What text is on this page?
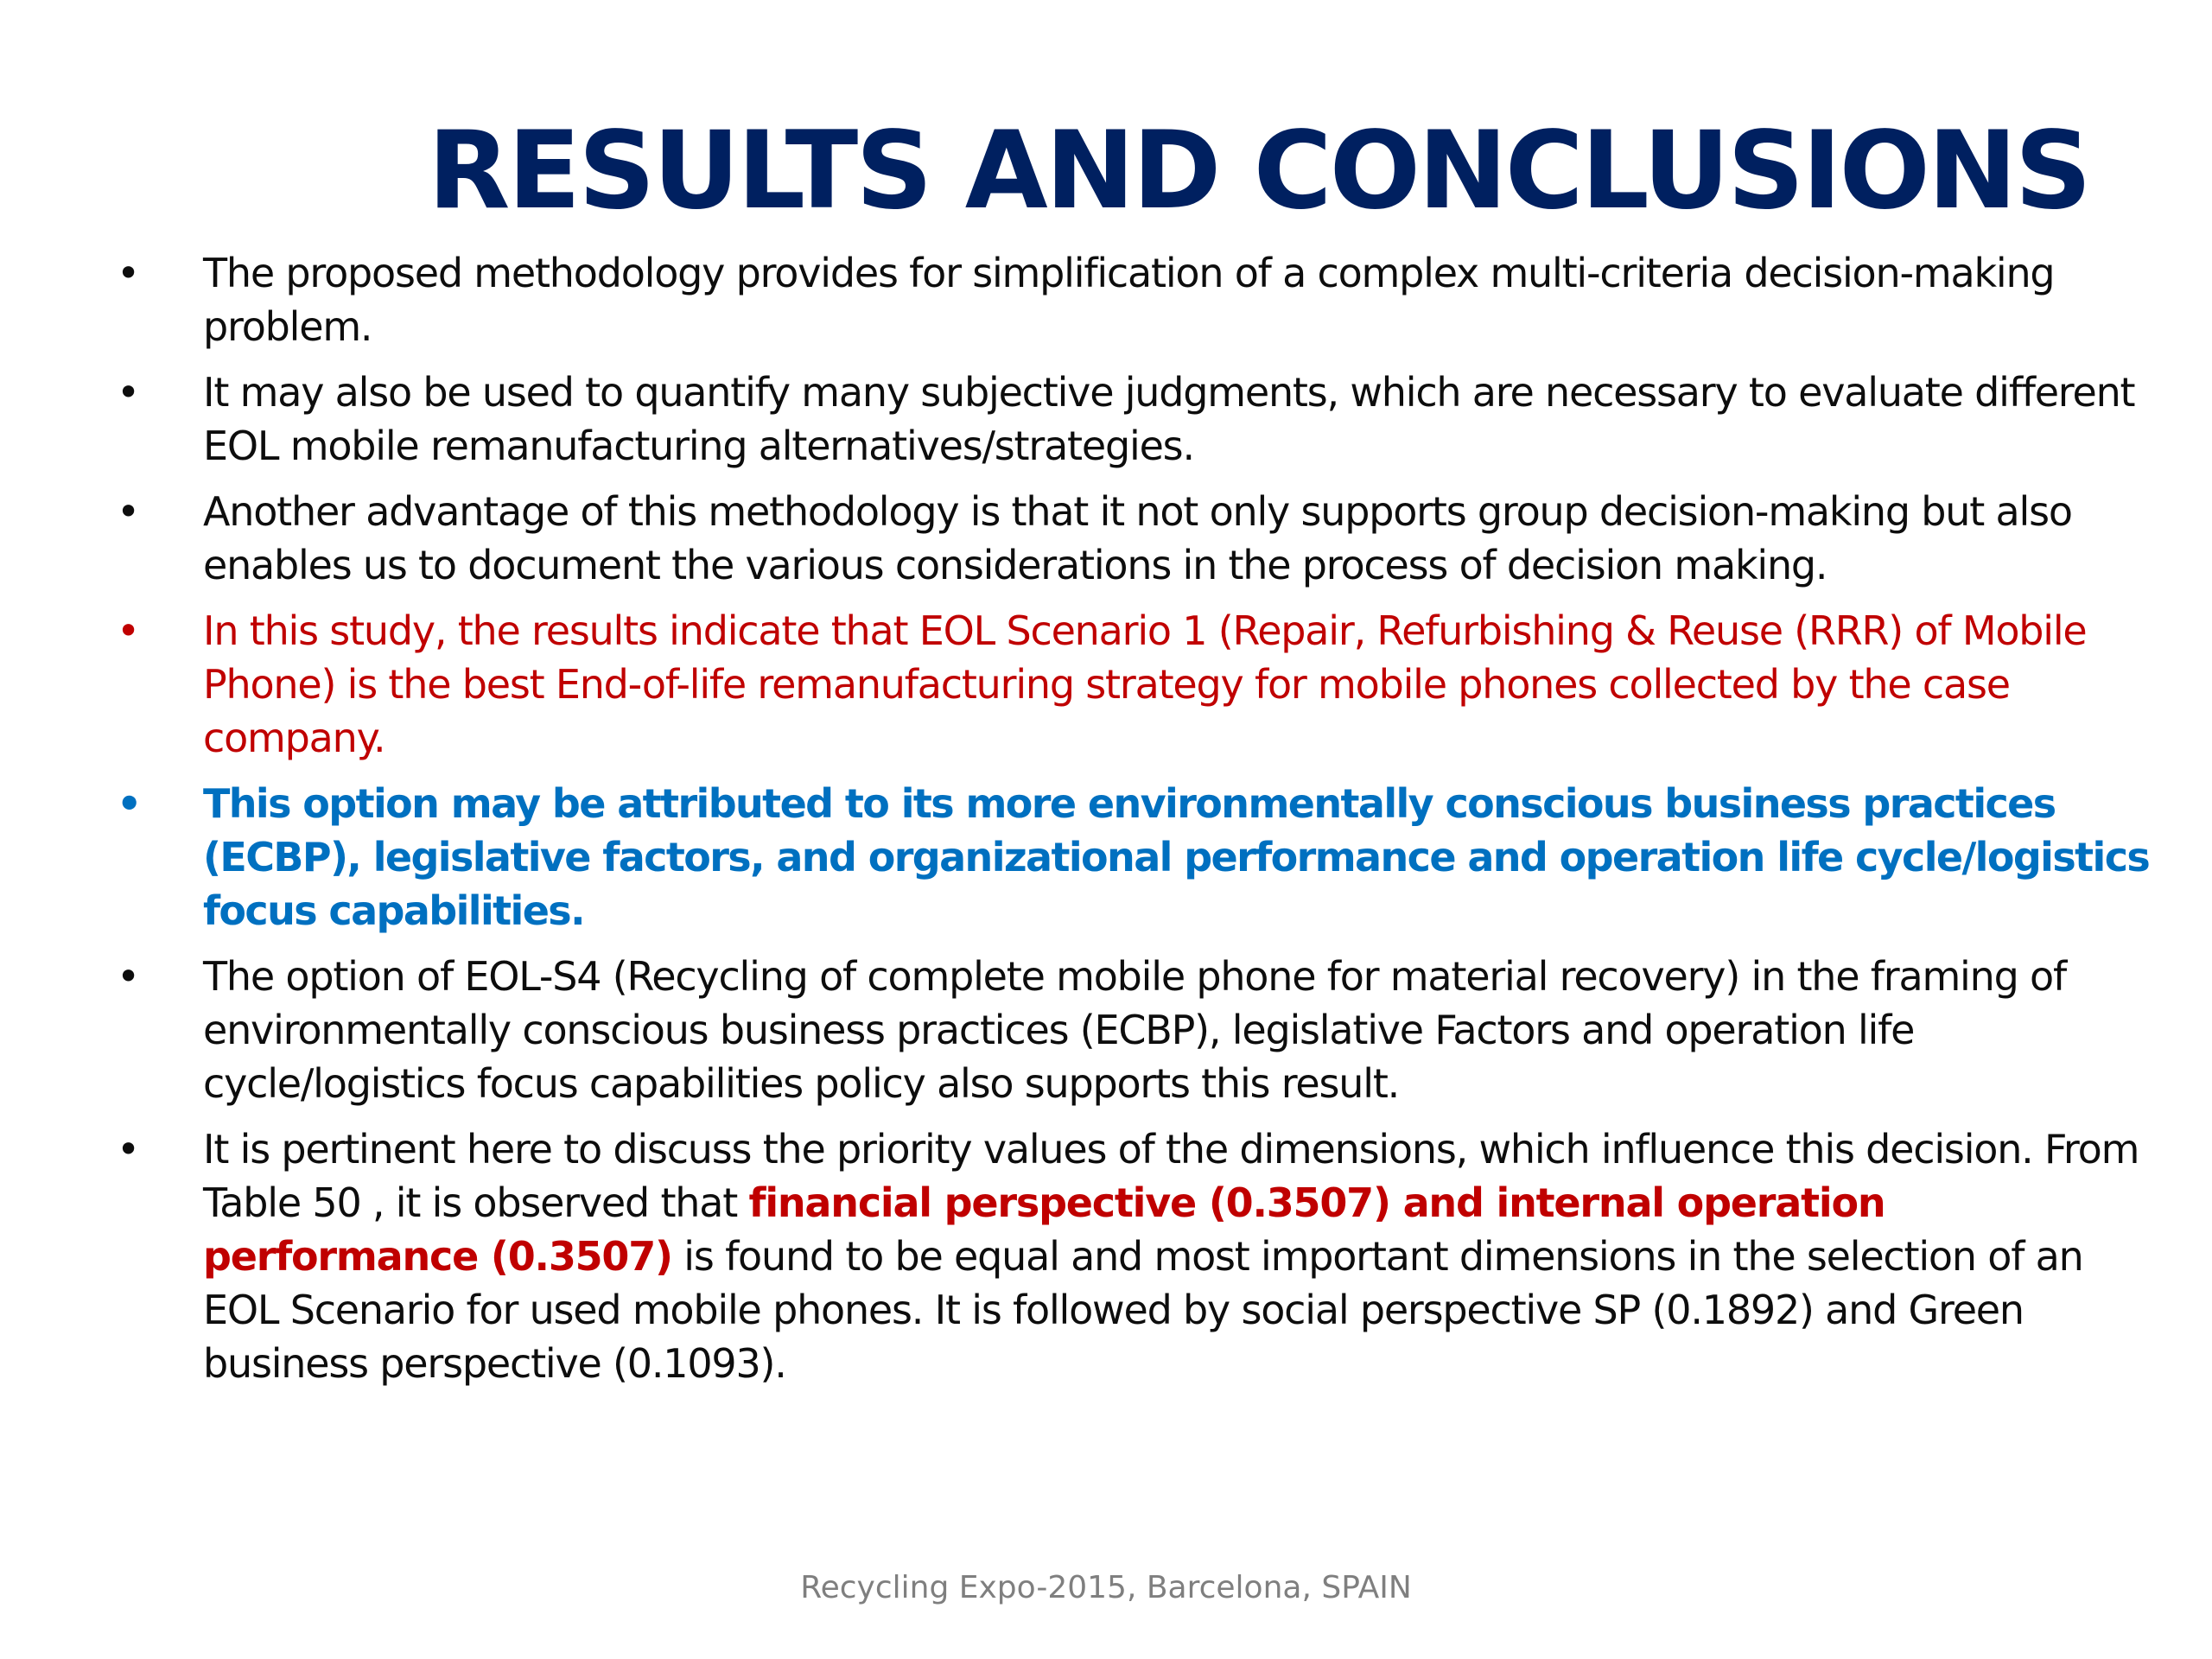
RESULTS AND CONCLUSIONS
•	The proposed methodology provides for simplification of a complex multi-criteria decision-making problem.
•	It may also be used to quantify many subjective judgments, which are necessary to evaluate different EOL mobile remanufacturing alternatives/strategies.
•	Another advantage of this methodology is that it not only supports group decision-making but also enables us to document the various considerations in the process of decision making.
•	In this study, the results indicate that EOL Scenario 1 (Repair, Refurbishing & Reuse (RRR) of Mobile Phone) is the best End-of-life remanufacturing strategy for mobile phones collected by the case company.
• This option may be attributed to its more environmentally conscious business practices (ECBP), legislative factors, and organizational performance and operation life cycle/logistics focus capabilities.
•	The option of EOL-S4 (Recycling of complete mobile phone for material recovery) in the framing of environmentally conscious business practices (ECBP), legislative Factors and operation life cycle/logistics focus capabilities policy also supports this result.
•	It is pertinent here to discuss the priority values of the dimensions, which influence this decision. From Table 50 , it is observed that financial perspective (0.3507) and internal operation performance (0.3507) is found to be equal and most important dimensions in the selection of an EOL Scenario for used mobile phones. It is followed by social perspective SP (0.1892) and Green business perspective (0.1093).
Recycling Expo-2015, Barcelona, SPAIN
